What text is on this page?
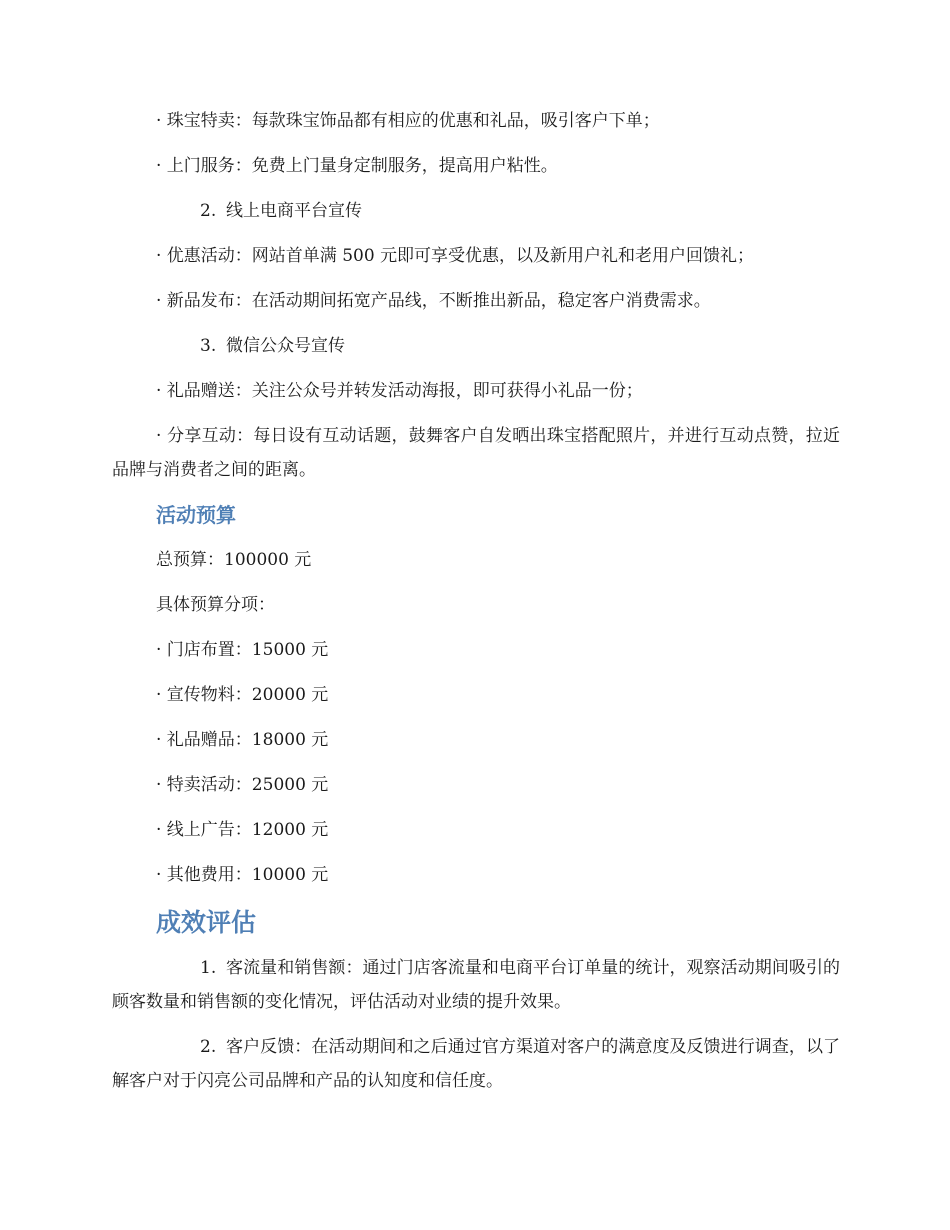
· 珠宝特卖：每款珠宝饰品都有相应的优惠和礼品，吸引客户下单；
· 上门服务：免费上门量身定制服务，提高用户粘性。
2. 线上电商平台宣传
· 优惠活动：网站首单满 500 元即可享受优惠，以及新用户礼和老用户回馈礼；
· 新品发布：在活动期间拓宽产品线，不断推出新品，稳定客户消费需求。
3. 微信公众号宣传
· 礼品赠送：关注公众号并转发活动海报，即可获得小礼品一份；
· 分享互动：每日设有互动话题，鼓舞客户自发晒出珠宝搭配照片，并进行互动点赞，拉近品牌与消费者之间的距离。
活动预算
总预算：100000 元
具体预算分项：
· 门店布置：15000 元
· 宣传物料：20000 元
· 礼品赠品：18000 元
· 特卖活动：25000 元
· 线上广告：12000 元
· 其他费用：10000 元
成效评估
1. 客流量和销售额：通过门店客流量和电商平台订单量的统计，观察活动期间吸引的顾客数量和销售额的变化情况，评估活动对业绩的提升效果。
2. 客户反馈：在活动期间和之后通过官方渠道对客户的满意度及反馈进行调查，以了解客户对于闪亮公司品牌和产品的认知度和信任度。
